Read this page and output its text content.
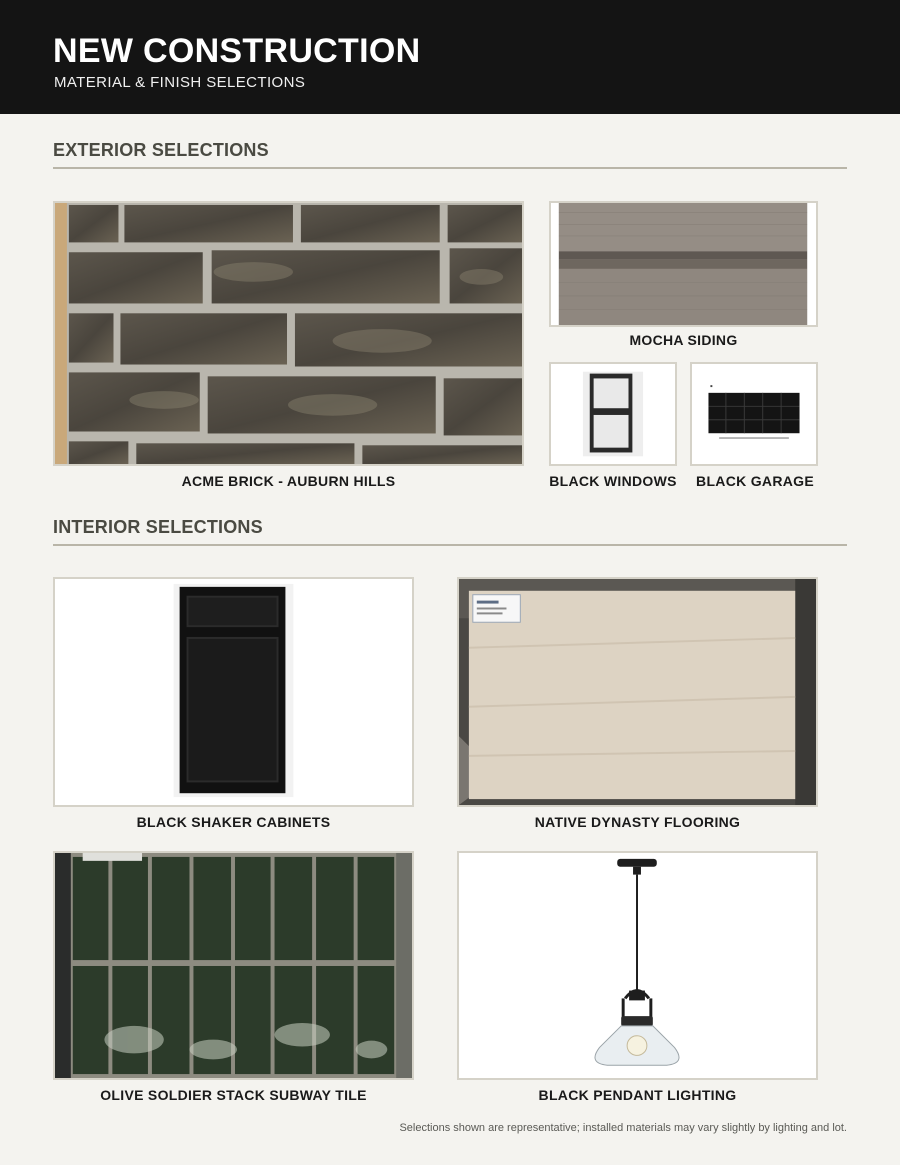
NEW CONSTRUCTION
MATERIAL & FINISH SELECTIONS
EXTERIOR SELECTIONS
ACME BRICK - AUBURN HILLS
MOCHA SIDING
BLACK WINDOWS	BLACK GARAGE
INTERIOR SELECTIONS
BLACK SHAKER CABINETS	NATIVE DYNASTY FLOORING
OLIVE SOLDIER STACK SUBWAY TILE	BLACK PENDANT LIGHTING
Selections shown are representative; installed materials may vary slightly by lighting and lot.
